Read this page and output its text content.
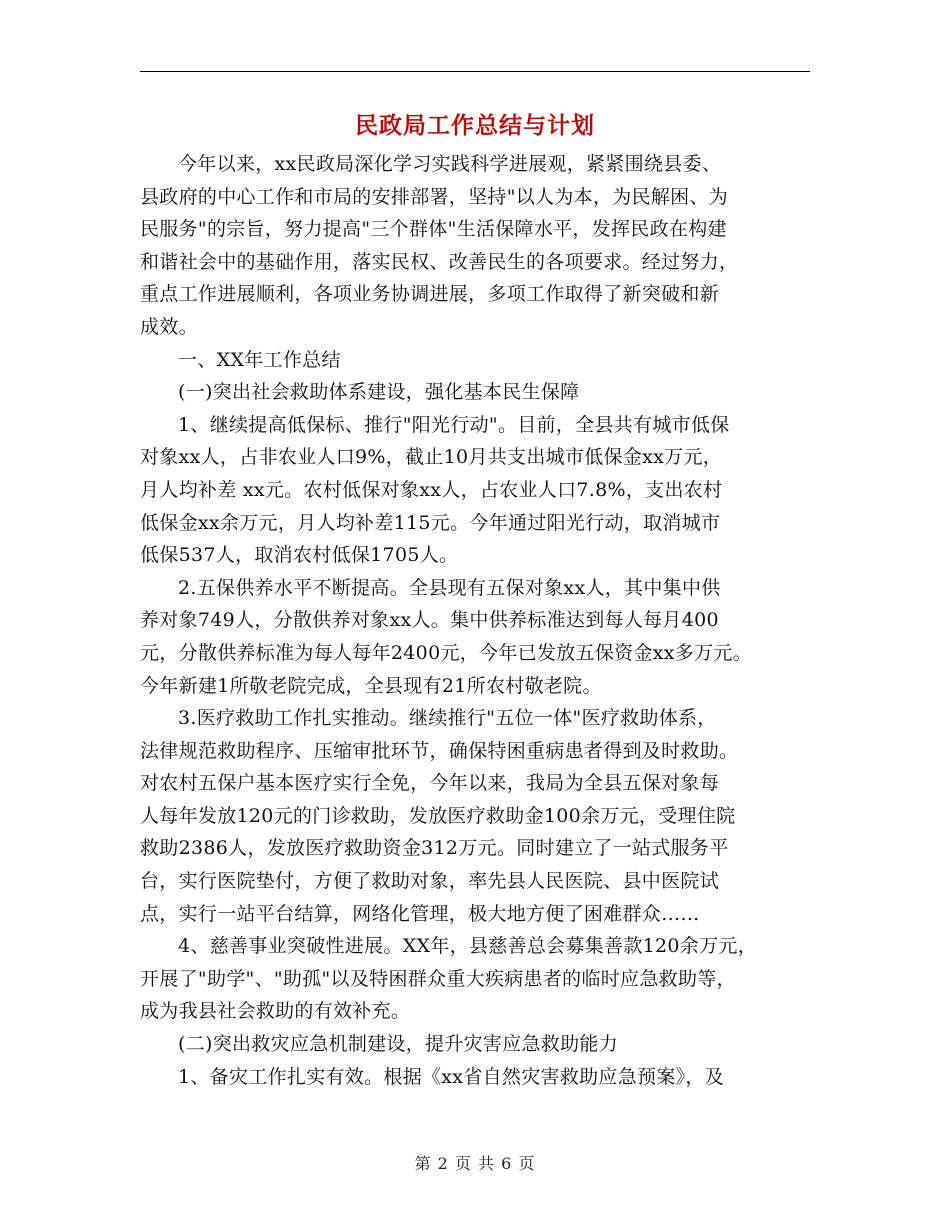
民政局工作总结与计划

今年以来，xx民政局深化学习实践科学进展观，紧紧围绕县委、
县政府的中心工作和市局的安排部署，坚持"以人为本，为民解困、为
民服务"的宗旨，努力提高"三个群体"生活保障水平，发挥民政在构建
和谐社会中的基础作用，落实民权、改善民生的各项要求。经过努力，
重点工作进展顺利，各项业务协调进展，多项工作取得了新突破和新
成效。

一、XX年工作总结

(一)突出社会救助体系建设，强化基本民生保障

1、继续提高低保标、推行"阳光行动"。目前，全县共有城市低保
对象xx人，占非农业人口9%，截止10月共支出城市低保金xx万元，
月人均补差 xx元。农村低保对象xx人，占农业人口7.8%，支出农村
低保金xx余万元，月人均补差115元。今年通过阳光行动，取消城市
低保537人，取消农村低保1705人。

2.五保供养水平不断提高。全县现有五保对象xx人，其中集中供
养对象749人，分散供养对象xx人。集中供养标准达到每人每月400
元，分散供养标准为每人每年2400元，今年已发放五保资金xx多万元。
今年新建1所敬老院完成，全县现有21所农村敬老院。

3.医疗救助工作扎实推动。继续推行"五位一体"医疗救助体系，
法律规范救助程序、压缩审批环节，确保特困重病患者得到及时救助。
对农村五保户基本医疗实行全免，今年以来，我局为全县五保对象每
人每年发放120元的门诊救助，发放医疗救助金100余万元，受理住院
救助2386人，发放医疗救助资金312万元。同时建立了一站式服务平
台，实行医院垫付，方便了救助对象，率先县人民医院、县中医院试
点，实行一站平台结算，网络化管理，极大地方便了困难群众……

4、慈善事业突破性进展。XX年，县慈善总会募集善款120余万元，
开展了"助学"、"助孤"以及特困群众重大疾病患者的临时应急救助等，
成为我县社会救助的有效补充。

(二)突出救灾应急机制建设，提升灾害应急救助能力

1、备灾工作扎实有效。根据《xx省自然灾害救助应急预案》，及

第 2 页 共 6 页
